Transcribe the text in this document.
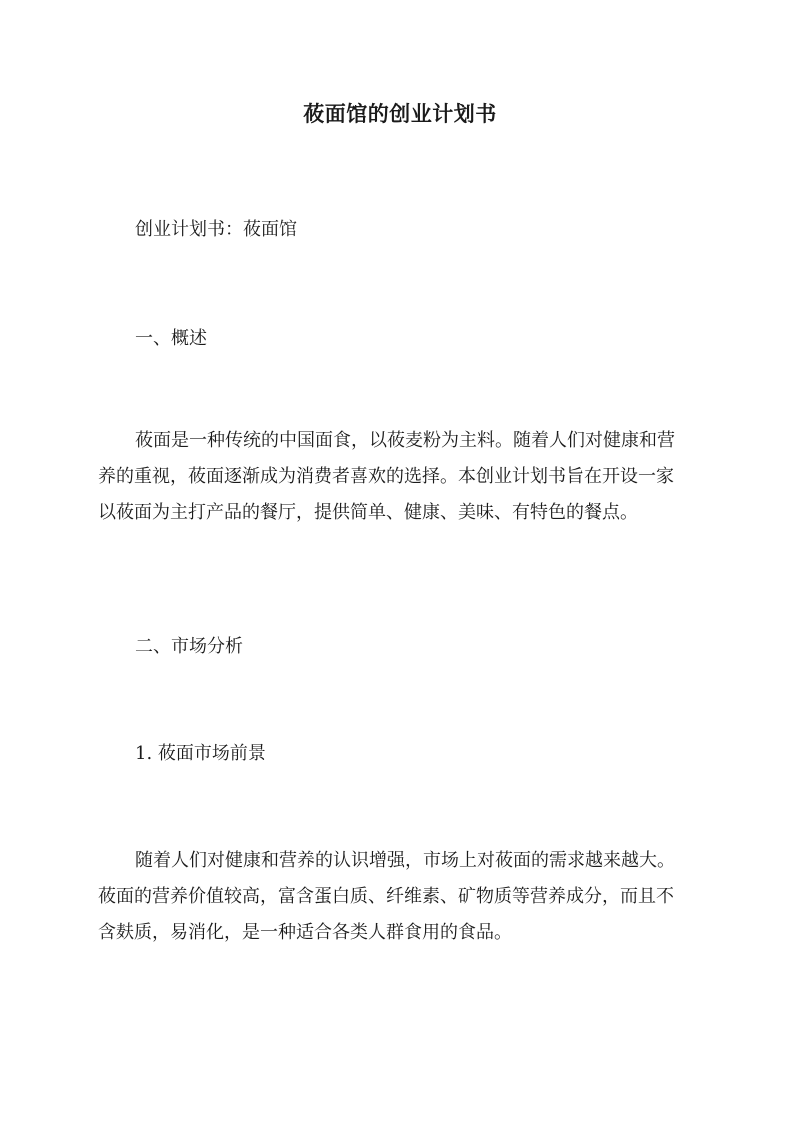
莜面馆的创业计划书
创业计划书：莜面馆
一、概述
莜面是一种传统的中国面食，以莜麦粉为主料。随着人们对健康和营
养的重视，莜面逐渐成为消费者喜欢的选择。本创业计划书旨在开设一家
以莜面为主打产品的餐厅，提供简单、健康、美味、有特色的餐点。
二、市场分析
1. 莜面市场前景
随着人们对健康和营养的认识增强，市场上对莜面的需求越来越大。
莜面的营养价值较高，富含蛋白质、纤维素、矿物质等营养成分，而且不
含麸质，易消化，是一种适合各类人群食用的食品。
